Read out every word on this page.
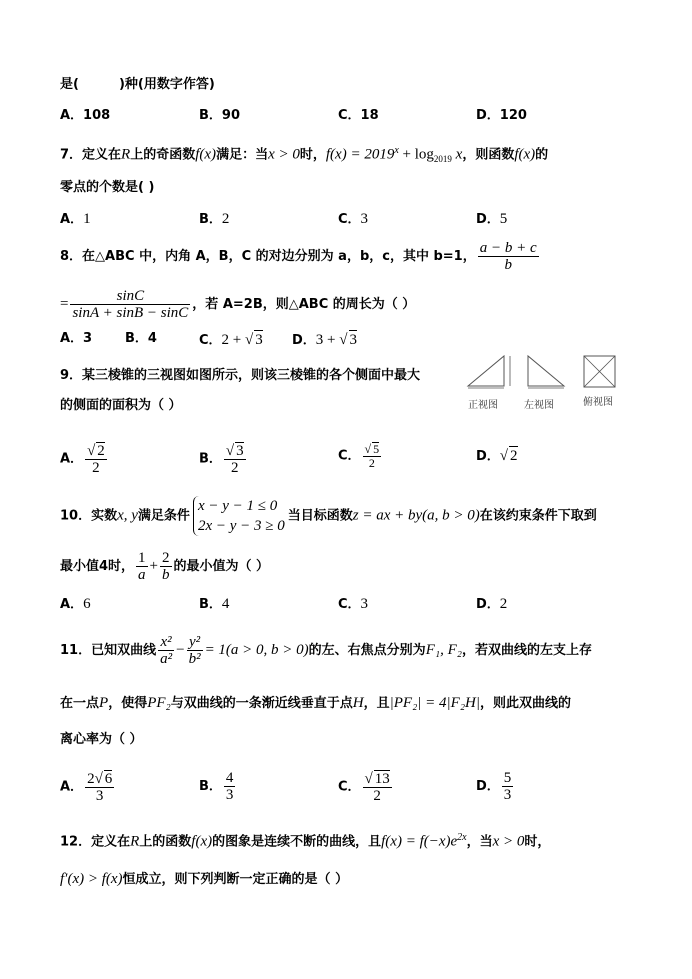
是(	)种(用数字作答)
A．108	B．90	C．18	D．120
7．定义在R上的奇函数f(x)满足：当x > 0时，$f(x) = 2019^x + \log_{2019} x$，则函数f(x)的
零点的个数是( )
A．1	B．2	C．3	D．5
8．在△ABC 中，内角 A，B，C 的对边分别为 a，b，c，其中 b=1， $\frac{a - b + c}{b}$
= $\frac{\sin C}{\sin A + \sin B - \sin C}$ ，若 A=2B，则△ABC 的周长为（ ）
A．3	B．4	C．2 + √ 3 D．3 + √ 3
9．某三棱锥的三视图如图所示，则该三棱锥的各个侧面中最大
的侧面的面积为（ ）	正视图	左视图	俯视图
A． $\frac{√ 2}{2}$	B． $\frac{√ 3}{2}$	C． $\frac{√ 5}{2}$	D．√ 2
10．实数x, y满足条件
x − y − 1 ≤ 0
2x − y − 3 ≥ 0
当目标函数z = ax + by(a, b > 0)在该约束条件下取到
最小值4时， $\frac{1}{a} + \frac{2}{b}$ 的最小值为（ ）
A．6	B．4	C．3	D．2
11．已知双曲线 $\frac{\text{x²}}{\text{a²}} - \frac{\text{y²}}{\text{b²}} = 1(a > 0$, b > 0)的左、右焦点分别为F₁, F₂，若双曲线的左支上存
在一点P，使得PF₂与双曲线的一条渐近线垂直于点H，且|PF₂| = 4|F₂H|，则此双曲线的
离心率为（ ）
A． $\frac{2√ 6}{3}$	B． $\frac{4}{3}$	C． $\frac{√ 13}{2}$	D． $\frac{5}{3}$
12．定义在R上的函数f(x)的图象是连续不断的曲线，且$f(x) = f(-x)e^{2x}$，当x > 0时，
f′(x) > f(x)恒成立，则下列判断一定正确的是（ ）
